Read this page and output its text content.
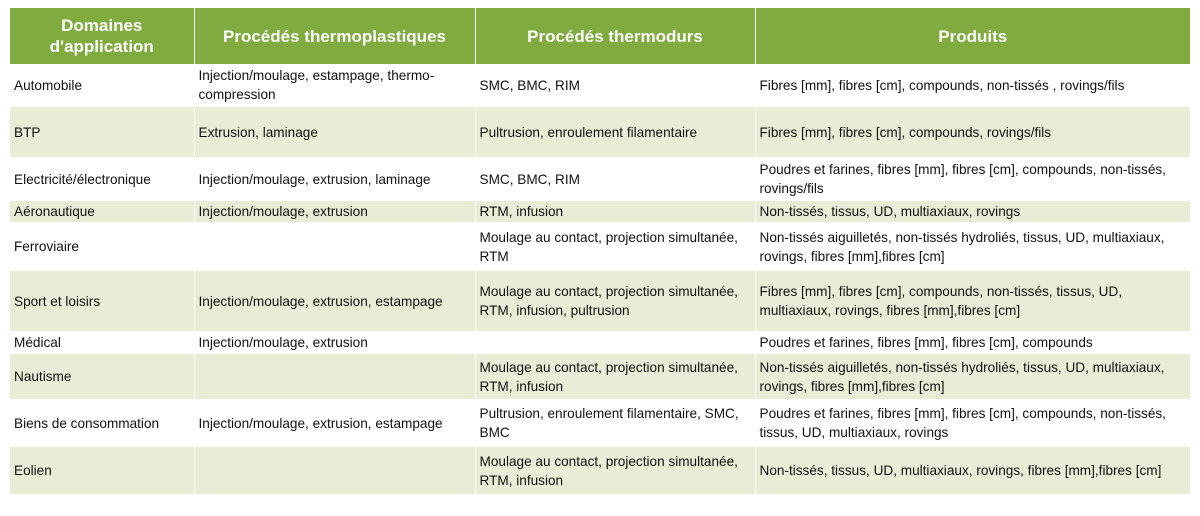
Domaines d'application	Procédés thermoplastiques	Procédés thermodurs	Produits
Automobile	Injection/moulage, estampage, thermo-compression	SMC, BMC, RIM	Fibres [mm], fibres [cm], compounds, non-tissés , rovings/fils
BTP	Extrusion, laminage	Pultrusion, enroulement filamentaire	Fibres [mm], fibres [cm], compounds, rovings/fils
Electricité/électronique	Injection/moulage, extrusion, laminage	SMC, BMC, RIM	Poudres et farines, fibres [mm], fibres [cm], compounds, non-tissés, rovings/fils
Aéronautique	Injection/moulage, extrusion	RTM, infusion	Non-tissés, tissus, UD, multiaxiaux, rovings
Ferroviaire		Moulage au contact, projection simultanée, RTM	Non-tissés aiguilletés, non-tissés hydroliés, tissus, UD, multiaxiaux, rovings, fibres [mm],fibres [cm]
Sport et loisirs	Injection/moulage, extrusion, estampage	Moulage au contact, projection simultanée, RTM, infusion, pultrusion	Fibres [mm], fibres [cm], compounds, non-tissés, tissus, UD, multiaxiaux, rovings, fibres [mm],fibres [cm]
Médical	Injection/moulage, extrusion		Poudres et farines, fibres [mm], fibres [cm], compounds
Nautisme		Moulage au contact, projection simultanée, RTM, infusion	Non-tissés aiguilletés, non-tissés hydroliés, tissus, UD, multiaxiaux, rovings, fibres [mm],fibres [cm]
Biens de consommation	Injection/moulage, extrusion, estampage	Pultrusion, enroulement filamentaire, SMC, BMC	Poudres et farines, fibres [mm], fibres [cm], compounds, non-tissés, tissus, UD, multiaxiaux, rovings
Eolien		Moulage au contact, projection simultanée, RTM, infusion	Non-tissés, tissus, UD, multiaxiaux, rovings, fibres [mm],fibres [cm]
